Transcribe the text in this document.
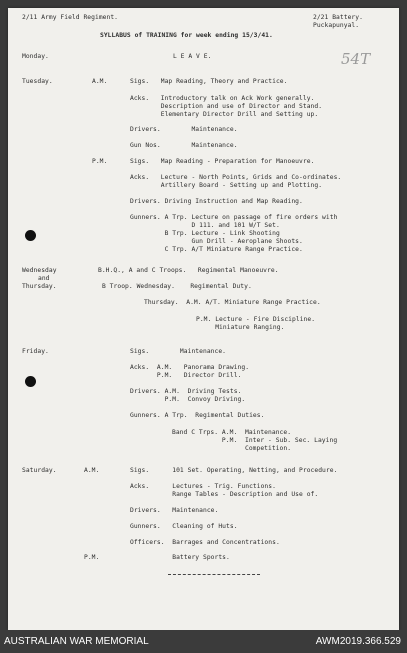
2/11 Army Field Regiment.	2/21 Battery.
Puckapunyal.
SYLLABUS of TRAINING for week ending 15/3/41.
54T
Monday.	L E A V E.
Tuesday.	A.M.	Sigs.   Map Reading, Theory and Practice.
Acks.   Introductory talk on Ack Work generally.
Description and use of Director and Stand.
Elementary Director Drill and Setting up.
Drivers.        Maintenance.
Gun Nos.        Maintenance.
P.M.	Sigs.   Map Reading - Preparation for Manoeuvre.
Acks.   Lecture - North Points, Grids and Co-ordinates.
Artillery Board - Setting up and Plotting.
Drivers. Driving Instruction and Map Reading.
Gunners. A Trp. Lecture on passage of fire orders with
D 111. and 101 W/T Set.
B Trp. Lecture - Link Shooting
Gun Drill - Aeroplane Shoots.
C Trp. A/T Miniature Range Practice.
Wednesday
and
Thursday.
B.H.Q., A and C Troops.   Regimental Manoeuvre.
B Troop. Wednesday.    Regimental Duty.
Thursday.  A.M. A/T. Miniature Range Practice.
P.M. Lecture - Fire Discipline.
Miniature Ranging.
Friday.	Sigs.        Maintenance.
Acks.  A.M.   Panorama Drawing.
P.M.   Director Drill.
Drivers. A.M.  Driving Tests.
P.M.  Convoy Driving.
Gunners. A Trp.  Regimental Duties.
Band C Trps. A.M.  Maintenance.
P.M.  Inter - Sub. Sec. Laying
Competition.
Saturday.	A.M.	Sigs.      101 Set. Operating, Netting, and Procedure.
Acks.      Lectures - Trig. Functions.
Range Tables - Description and Use of.
Drivers.   Maintenance.
Gunners.   Cleaning of Huts.
Officers.  Barrages and Concentrations.
P.M.	Battery Sports.
AUSTRALIAN WAR MEMORIAL	AWM2019.366.529
